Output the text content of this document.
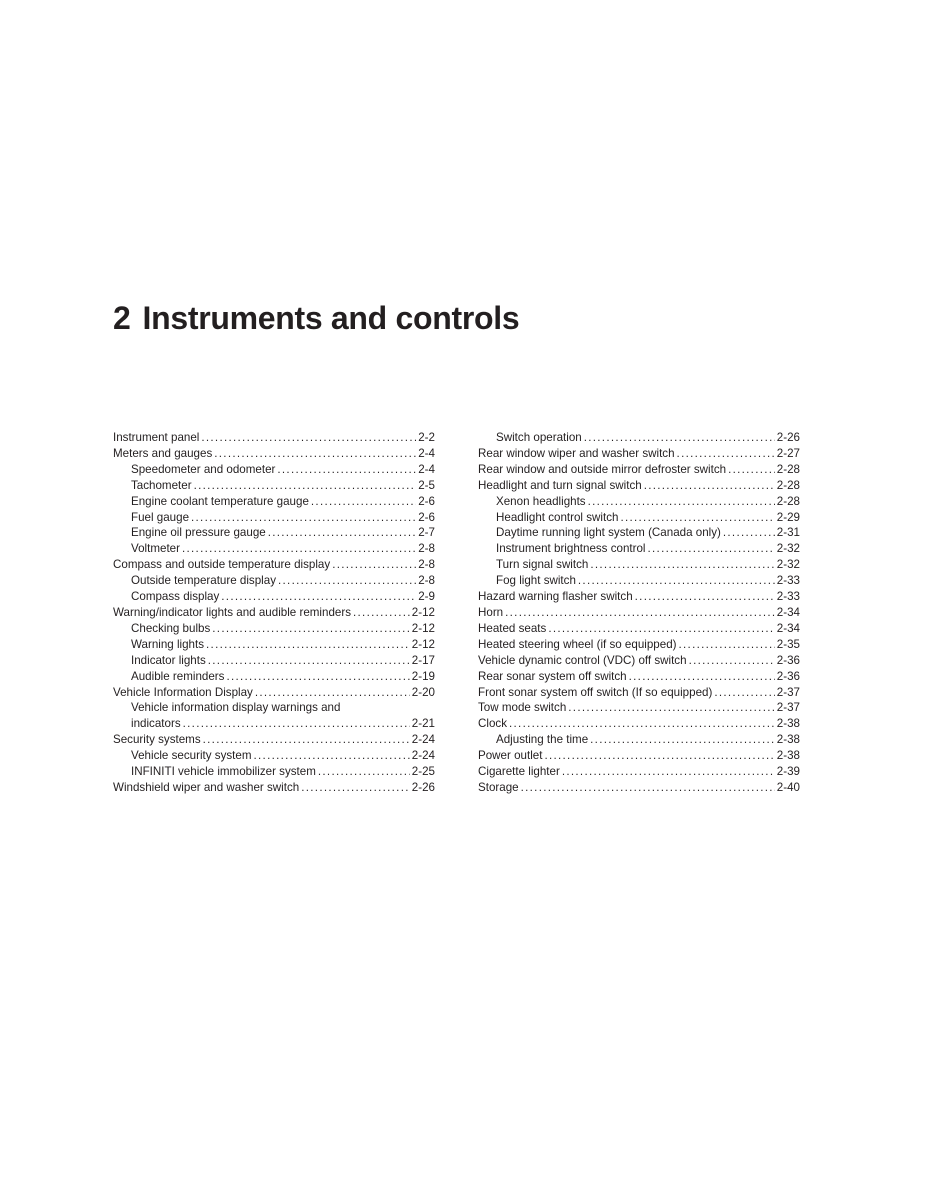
2 Instruments and controls
Instrument panel .....	2-2
Meters and gauges .....	2-4
Speedometer and odometer .....	2-4
Tachometer .....	2-5
Engine coolant temperature gauge .....	2-6
Fuel gauge .....	2-6
Engine oil pressure gauge .....	2-7
Voltmeter .....	2-8
Compass and outside temperature display .....	2-8
Outside temperature display .....	2-8
Compass display .....	2-9
Warning/indicator lights and audible reminders .....	2-12
Checking bulbs .....	2-12
Warning lights .....	2-12
Indicator lights .....	2-17
Audible reminders .....	2-19
Vehicle Information Display .....	2-20
Vehicle information display warnings and
indicators .....	2-21
Security systems .....	2-24
Vehicle security system .....	2-24
INFINITI vehicle immobilizer system .....	2-25
Windshield wiper and washer switch .....	2-26
Switch operation .....	2-26
Rear window wiper and washer switch .....	2-27
Rear window and outside mirror defroster switch .....	2-28
Headlight and turn signal switch .....	2-28
Xenon headlights .....	2-28
Headlight control switch .....	2-29
Daytime running light system (Canada only) .....	2-31
Instrument brightness control .....	2-32
Turn signal switch .....	2-32
Fog light switch .....	2-33
Hazard warning flasher switch .....	2-33
Horn .....	2-34
Heated seats .....	2-34
Heated steering wheel (if so equipped) .....	2-35
Vehicle dynamic control (VDC) off switch .....	2-36
Rear sonar system off switch .....	2-36
Front sonar system off switch (If so equipped) .....	2-37
Tow mode switch .....	2-37
Clock .....	2-38
Adjusting the time .....	2-38
Power outlet .....	2-38
Cigarette lighter .....	2-39
Storage .....	2-40
